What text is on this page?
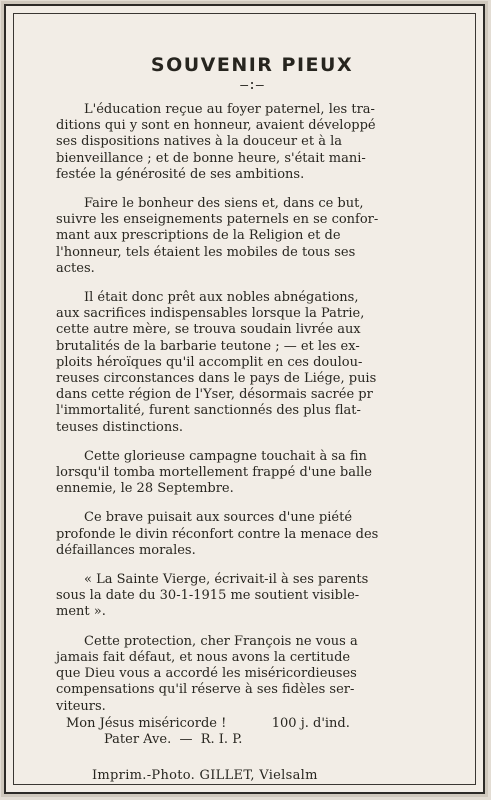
SOUVENIR PIEUX
—:—
L'éducation reçue au foyer paternel, les tra-
ditions qui y sont en honneur, avaient développé
ses dispositions natives à la douceur et à la
bienveillance ; et de bonne heure, s'était mani-
festée la générosité de ses ambitions.
Faire le bonheur des siens et, dans ce but,
suivre les enseignements paternels en se confor-
mant aux prescriptions de la Religion et de
l'honneur, tels étaient les mobiles de tous ses
actes.
Il était donc prêt aux nobles abnégations,
aux sacrifices indispensables lorsque la Patrie,
cette autre mère, se trouva soudain livrée aux
brutalités de la barbarie teutone ; — et les ex-
ploits héroïques qu'il accomplit en ces doulou-
reuses circonstances dans le pays de Liége, puis
dans cette région de l'Yser, désormais sacrée pr
l'immortalité, furent sanctionnés des plus flat-
teuses distinctions.
Cette glorieuse campagne touchait à sa fin
lorsqu'il tomba mortellement frappé d'une balle
ennemie, le 28 Septembre.
Ce brave puisait aux sources d'une piété
profonde le divin réconfort contre la menace des
défaillances morales.
« La Sainte Vierge, écrivait-il à ses parents
sous la date du 30-1-1915 me soutient visible-
ment ».
Cette protection, cher François ne vous a
jamais fait défaut, et nous avons la certitude
que Dieu vous a accordé les miséricordieuses
compensations qu'il réserve à ses fidèles ser-
viteurs.
Mon Jésus miséricorde !           100 j. d'ind.
Pater Ave.  —  R. I. P.
Imprim.-Photo. GILLET, Vielsalm
